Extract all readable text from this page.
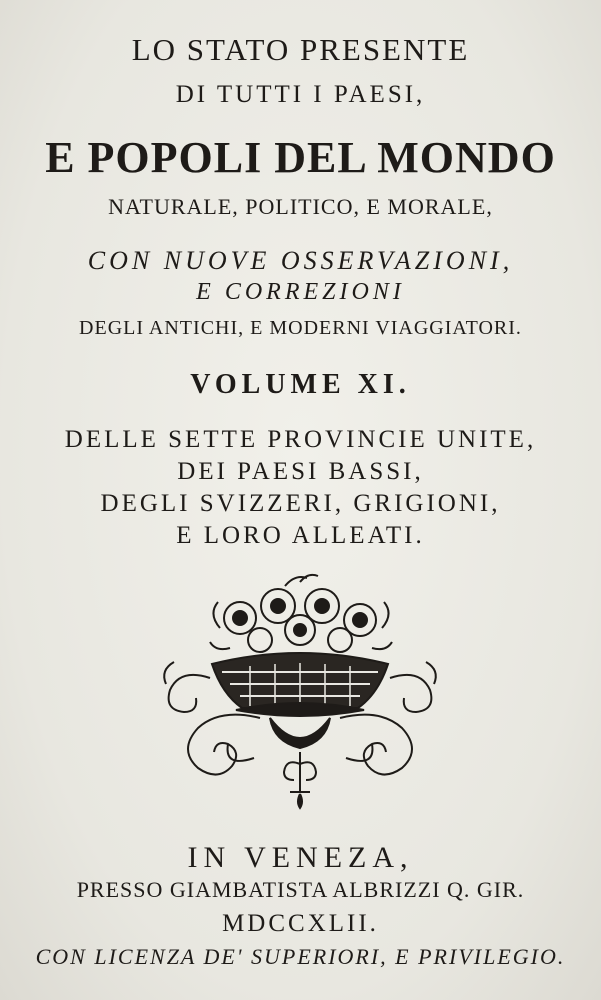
LO STATO PRESENTE
DI TUTTI I PAESI,
E POPOLI DEL MONDO
NATURALE, POLITICO, E MORALE,
CON NUOVE OSSERVAZIONI,
E CORREZIONI
DEGLI ANTICHI, E MODERNI VIAGGIATORI.
VOLUME XI.
DELLE SETTE PROVINCIE UNITE,
DEI PAESI BASSI,
DEGLI SVIZZERI, GRIGIONI,
E LORO ALLEATI.
IN VENEZA,
PRESSO GIAMBATISTA ALBRIZZI Q. GIR.
MDCCXLII.
CON LICENZA DE' SUPERIORI, E PRIVILEGIO.
